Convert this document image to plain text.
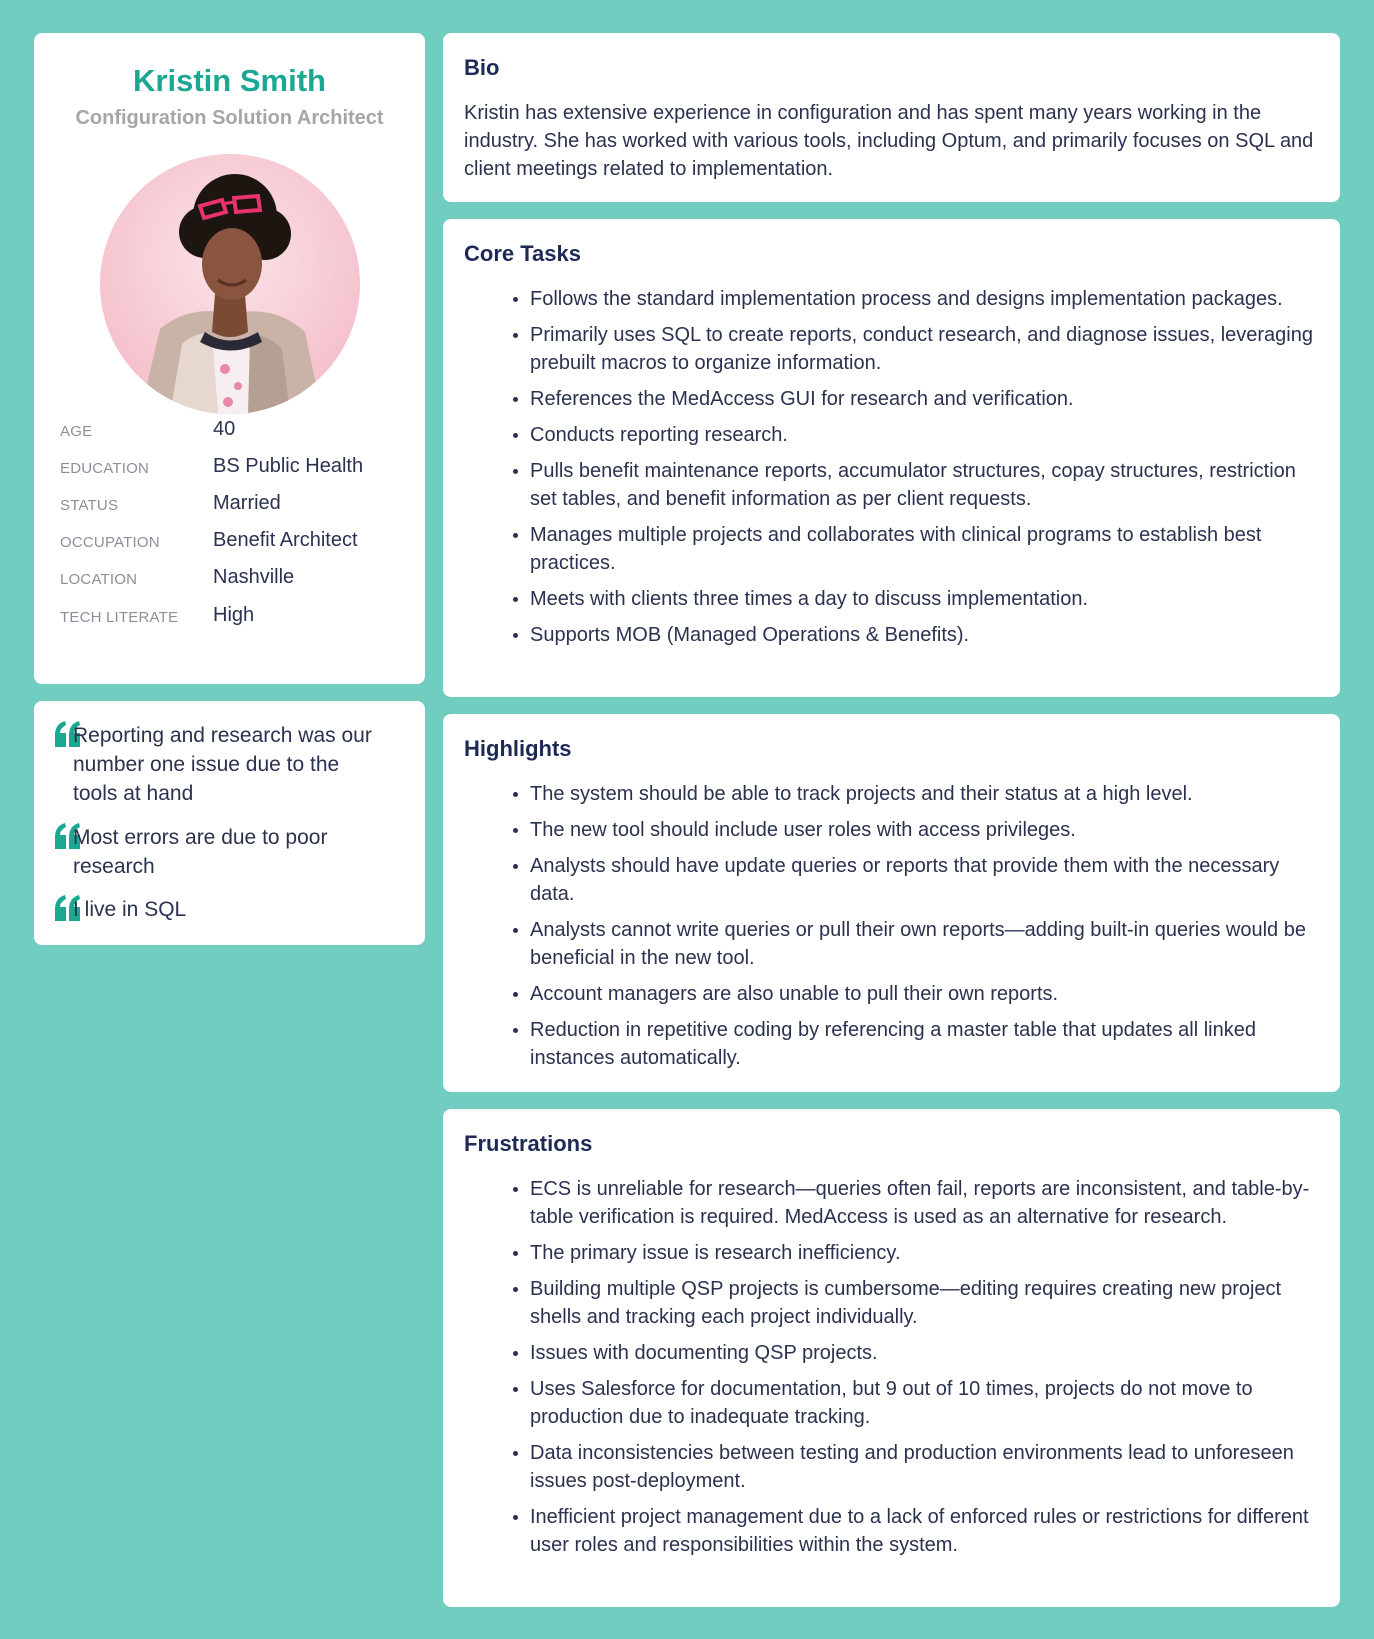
Kristin Smith
Configuration Solution Architect
AGE	40
EDUCATION	BS Public Health
STATUS	Married
OCCUPATION	Benefit Architect
LOCATION	Nashville
TECH LITERATE High
Reporting and research was our number one issue due to the tools at hand
Most errors are due to poor research
I live in SQL
Bio
Kristin has extensive experience in configuration and has spent many years working in the industry. She has worked with various tools, including Optum, and primarily focuses on SQL and client meetings related to implementation.
Core Tasks
Follows the standard implementation process and designs implementation packages.
Primarily uses SQL to create reports, conduct research, and diagnose issues, leveraging prebuilt macros to organize information.
References the MedAccess GUI for research and verification.
Conducts reporting research.
Pulls benefit maintenance reports, accumulator structures, copay structures, restriction set tables, and benefit information as per client requests.
Manages multiple projects and collaborates with clinical programs to establish best practices.
Meets with clients three times a day to discuss implementation.
Supports MOB (Managed Operations & Benefits).
Highlights
The system should be able to track projects and their status at a high level.
The new tool should include user roles with access privileges.
Analysts should have update queries or reports that provide them with the necessary data.
Analysts cannot write queries or pull their own reports—adding built-in queries would be beneficial in the new tool.
Account managers are also unable to pull their own reports.
Reduction in repetitive coding by referencing a master table that updates all linked instances automatically.
Frustrations
ECS is unreliable for research—queries often fail, reports are inconsistent, and table-by-table verification is required. MedAccess is used as an alternative for research.
The primary issue is research inefficiency.
Building multiple QSP projects is cumbersome—editing requires creating new project shells and tracking each project individually.
Issues with documenting QSP projects.
Uses Salesforce for documentation, but 9 out of 10 times, projects do not move to production due to inadequate tracking.
Data inconsistencies between testing and production environments lead to unforeseen issues post-deployment.
Inefficient project management due to a lack of enforced rules or restrictions for different user roles and responsibilities within the system.
